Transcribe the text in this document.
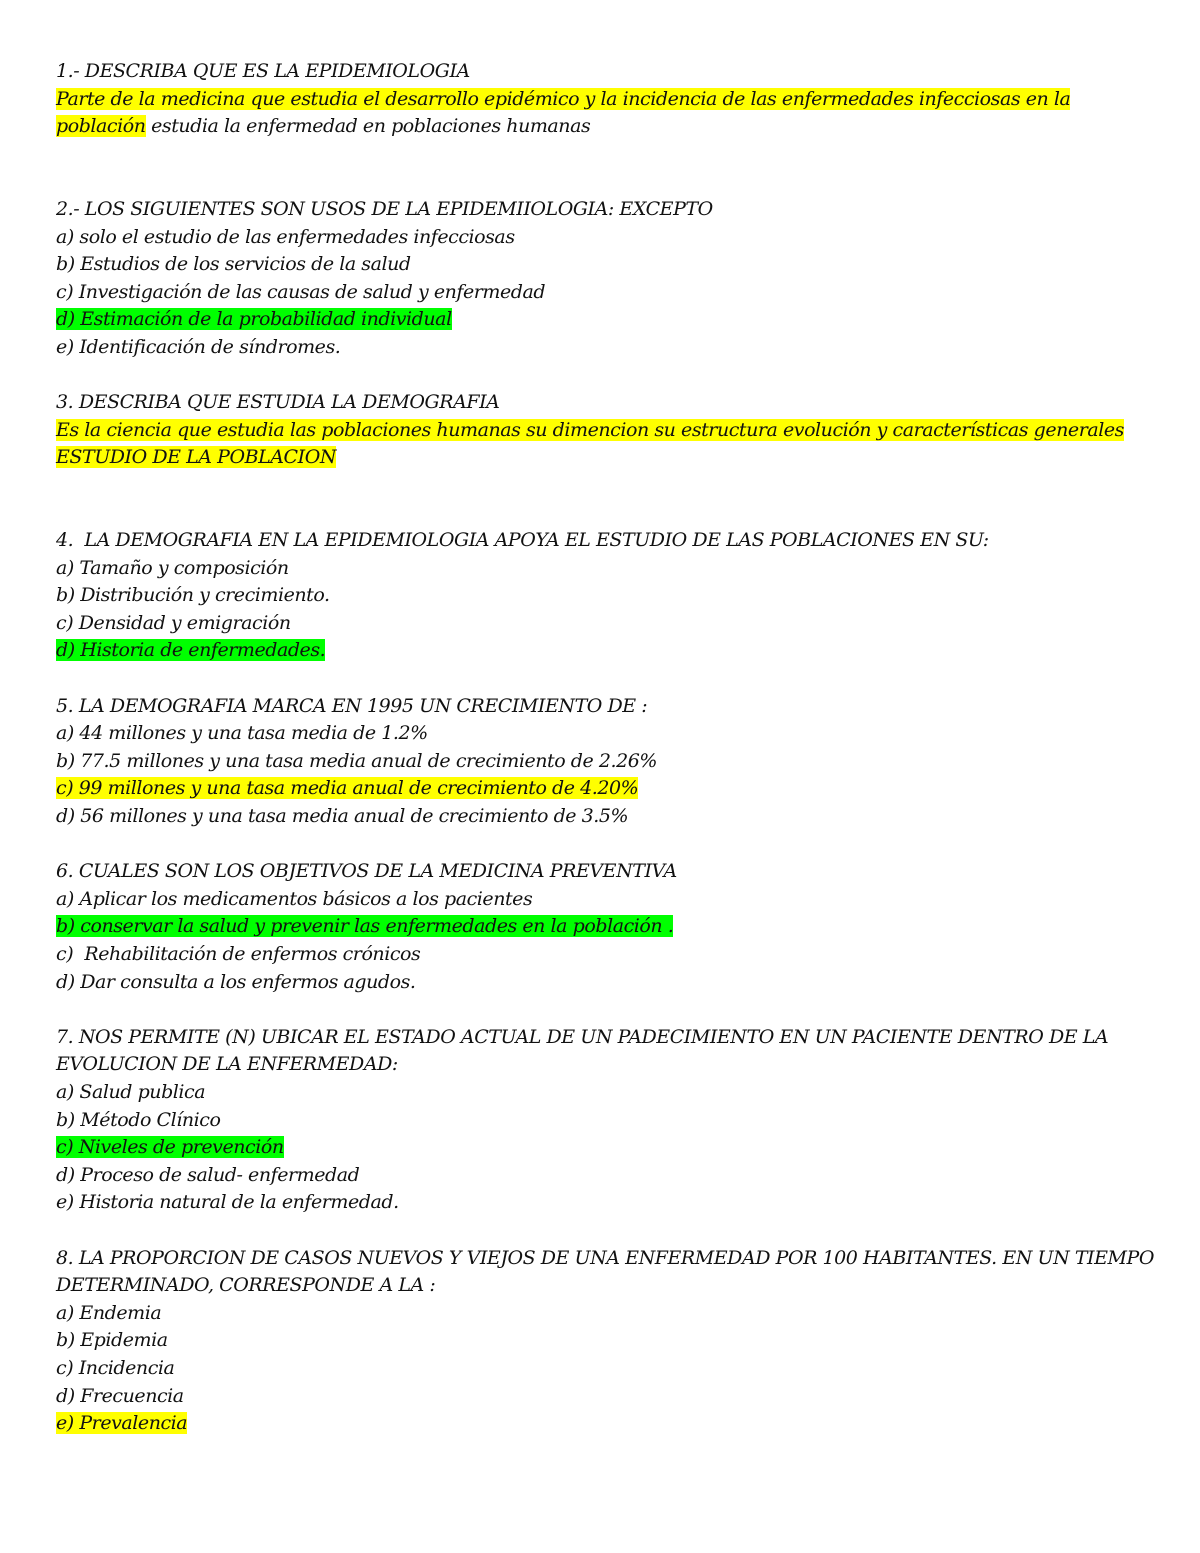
1.- DESCRIBA QUE ES LA EPIDEMIOLOGIA
Parte de la medicina que estudia el desarrollo epidémico y la incidencia de las enfermedades infecciosas en la
población estudia la enfermedad en poblaciones humanas
2.- LOS SIGUIENTES SON USOS DE LA EPIDEMIIOLOGIA: EXCEPTO
a) solo el estudio de las enfermedades infecciosas
b) Estudios de los servicios de la salud
c) Investigación de las causas de salud y enfermedad
d) Estimación de la probabilidad individual
e) Identificación de síndromes.
3. DESCRIBA QUE ESTUDIA LA DEMOGRAFIA
Es la ciencia que estudia las poblaciones humanas su dimencion su estructura evolución y características generales
ESTUDIO DE LA POBLACION
4.  LA DEMOGRAFIA EN LA EPIDEMIOLOGIA APOYA EL ESTUDIO DE LAS POBLACIONES EN SU:
a) Tamaño y composición
b) Distribución y crecimiento.
c) Densidad y emigración
d) Historia de enfermedades.
5. LA DEMOGRAFIA MARCA EN 1995 UN CRECIMIENTO DE :
a) 44 millones y una tasa media de 1.2%
b) 77.5 millones y una tasa media anual de crecimiento de 2.26%
c) 99 millones y una tasa media anual de crecimiento de 4.20%
d) 56 millones y una tasa media anual de crecimiento de 3.5%
6. CUALES SON LOS OBJETIVOS DE LA MEDICINA PREVENTIVA
a) Aplicar los medicamentos básicos a los pacientes
b) conservar la salud y prevenir las enfermedades en la población .
c)  Rehabilitación de enfermos crónicos
d) Dar consulta a los enfermos agudos.
7. NOS PERMITE (N) UBICAR EL ESTADO ACTUAL DE UN PADECIMIENTO EN UN PACIENTE DENTRO DE LA
EVOLUCION DE LA ENFERMEDAD:
a) Salud publica
b) Método Clínico
c) Niveles de prevención
d) Proceso de salud- enfermedad
e) Historia natural de la enfermedad.
8. LA PROPORCION DE CASOS NUEVOS Y VIEJOS DE UNA ENFERMEDAD POR 100 HABITANTES. EN UN TIEMPO
DETERMINADO, CORRESPONDE A LA :
a) Endemia
b) Epidemia
c) Incidencia
d) Frecuencia
e) Prevalencia
